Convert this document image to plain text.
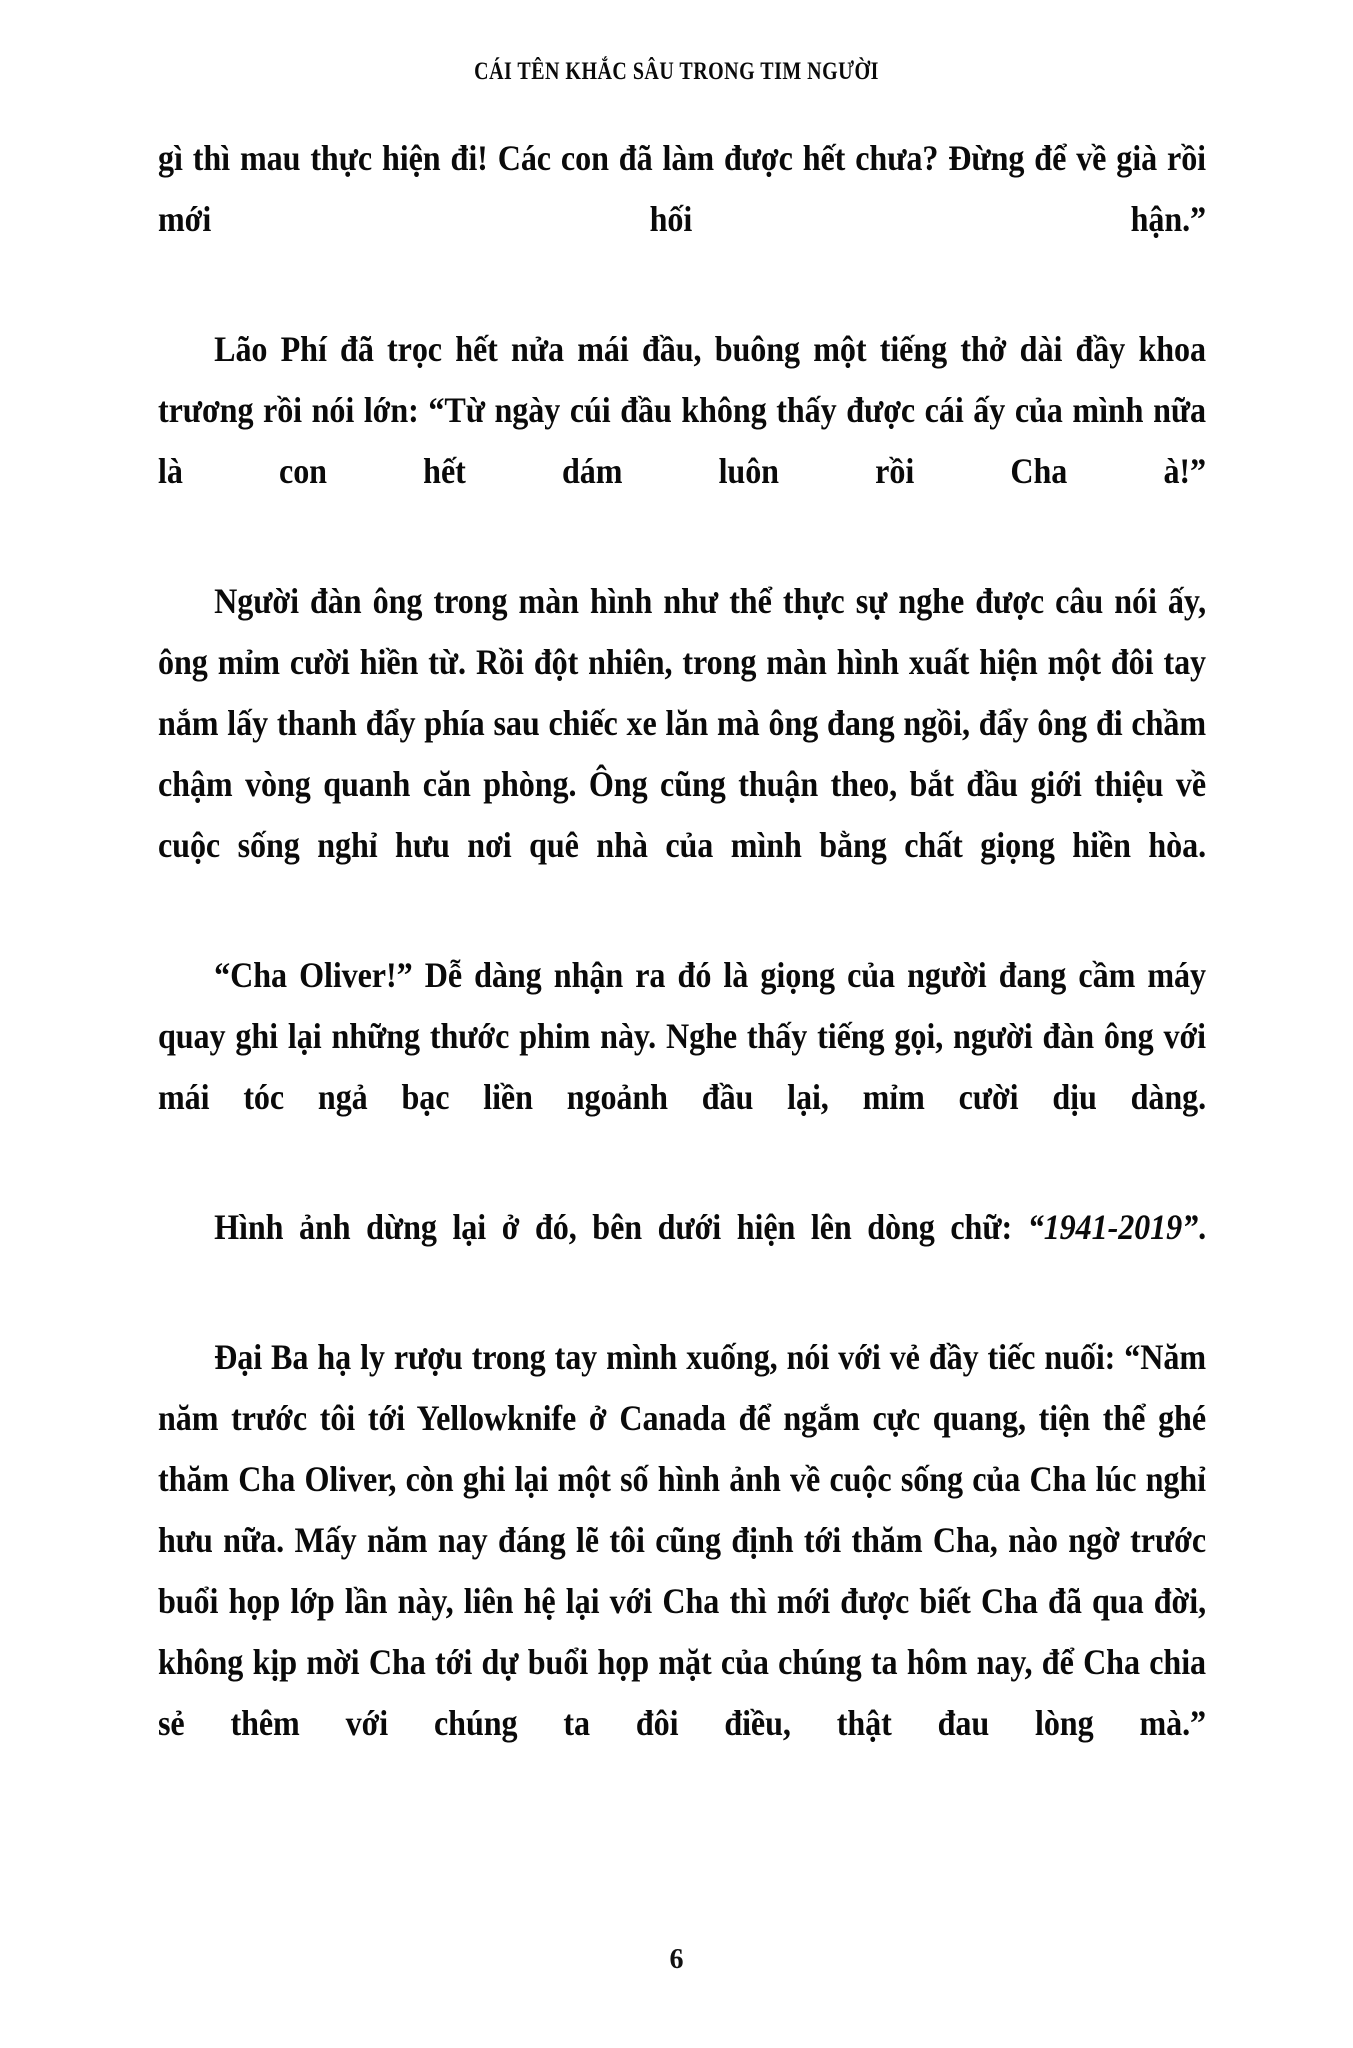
CÁI TÊN KHẮC SÂU TRONG TIM NGƯỜI

gì thì mau thực hiện đi! Các con đã làm được hết chưa? Đừng để về già rồi mới hối hận.”

Lão Phí đã trọc hết nửa mái đầu, buông một tiếng thở dài đầy khoa trương rồi nói lớn: “Từ ngày cúi đầu không thấy được cái ấy của mình nữa là con hết dám luôn rồi Cha à!”

Người đàn ông trong màn hình như thể thực sự nghe được câu nói ấy, ông mỉm cười hiền từ. Rồi đột nhiên, trong màn hình xuất hiện một đôi tay nắm lấy thanh đẩy phía sau chiếc xe lăn mà ông đang ngồi, đẩy ông đi chầm chậm vòng quanh căn phòng. Ông cũng thuận theo, bắt đầu giới thiệu về cuộc sống nghỉ hưu nơi quê nhà của mình bằng chất giọng hiền hòa.

“Cha Oliver!” Dễ dàng nhận ra đó là giọng của người đang cầm máy quay ghi lại những thước phim này. Nghe thấy tiếng gọi, người đàn ông với mái tóc ngả bạc liền ngoảnh đầu lại, mỉm cười dịu dàng.

Hình ảnh dừng lại ở đó, bên dưới hiện lên dòng chữ: “1941-2019”.

Đại Ba hạ ly rượu trong tay mình xuống, nói với vẻ đầy tiếc nuối: “Năm năm trước tôi tới Yellowknife ở Canada để ngắm cực quang, tiện thể ghé thăm Cha Oliver, còn ghi lại một số hình ảnh về cuộc sống của Cha lúc nghỉ hưu nữa. Mấy năm nay đáng lẽ tôi cũng định tới thăm Cha, nào ngờ trước buổi họp lớp lần này, liên hệ lại với Cha thì mới được biết Cha đã qua đời, không kịp mời Cha tới dự buổi họp mặt của chúng ta hôm nay, để Cha chia sẻ thêm với chúng ta đôi điều, thật đau lòng mà.”

6
